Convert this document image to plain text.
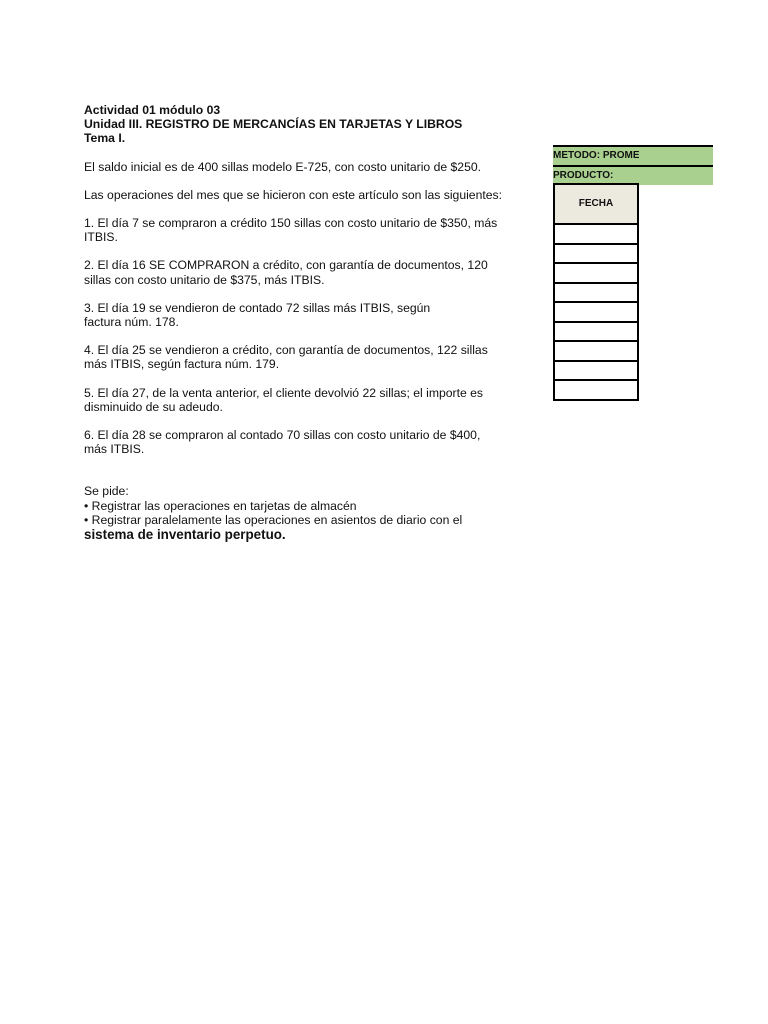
Actividad 01 módulo 03

Unidad III. REGISTRO DE MERCANCÍAS EN TARJETAS Y LIBROS

Tema I.

El saldo inicial es de 400 sillas modelo E-725, con costo unitario de $250.

Las operaciones del mes que se hicieron con este artículo son las siguientes:

1. El día 7 se compraron a crédito 150 sillas con costo unitario de $350, más

ITBIS.

2. El día 16 SE COMPRARON a crédito, con garantía de documentos, 120

sillas con costo unitario de $375, más ITBIS.

3. El día 19 se vendieron de contado 72 sillas más ITBIS, según

factura núm. 178.

4. El día 25 se vendieron a crédito, con garantía de documentos, 122 sillas

más ITBIS, según factura núm. 179.

5. El día 27, de la venta anterior, el cliente devolvió 22 sillas; el importe es

disminuido de su adeudo.

6. El día 28 se compraron al contado 70 sillas con costo unitario de $400,

más ITBIS.

Se pide:

• Registrar las operaciones en tarjetas de almacén

• Registrar paralelamente las operaciones en asientos de diario con el

sistema de inventario perpetuo.

METODO: PROME
PRODUCTO:
FECHA
